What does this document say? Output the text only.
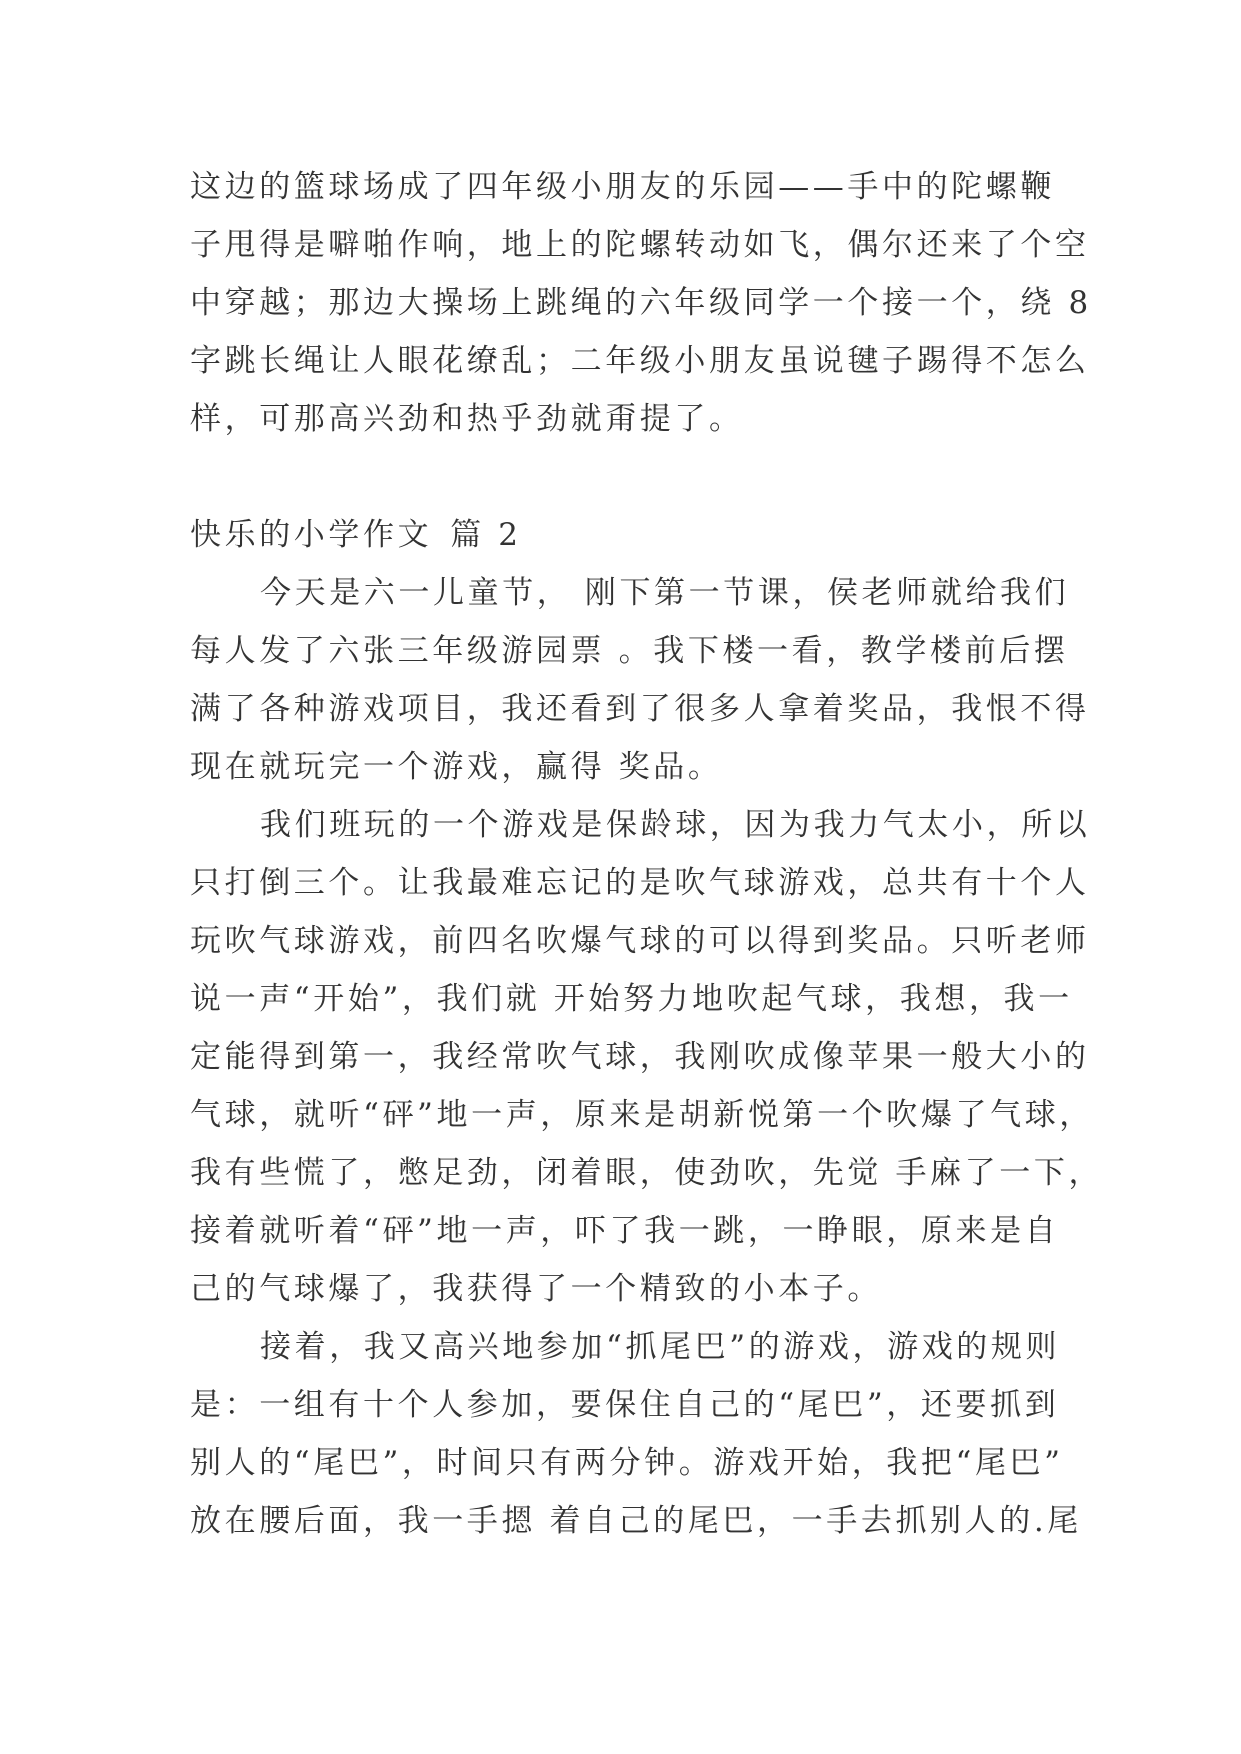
这边的篮球场成了四年级小朋友的乐园——手中的陀螺鞭
子甩得是噼啪作响，地上的陀螺转动如飞，偶尔还来了个空
中穿越；那边大操场上跳绳的六年级同学一个接一个，绕 8
字跳长绳让人眼花缭乱；二年级小朋友虽说毽子踢得不怎么
样，可那高兴劲和热乎劲就甭提了。
快乐的小学作文 篇 2
今天是六一儿童节， 刚下第一节课，侯老师就给我们
每人发了六张三年级游园票 。我下楼一看，教学楼前后摆
满了各种游戏项目，我还看到了很多人拿着奖品，我恨不得
现在就玩完一个游戏，赢得 奖品。
我们班玩的一个游戏是保龄球，因为我力气太小，所以
只打倒三个。让我最难忘记的是吹气球游戏，总共有十个人
玩吹气球游戏，前四名吹爆气球的可以得到奖品。只听老师
说一声“开始”，我们就 开始努力地吹起气球，我想，我一
定能得到第一，我经常吹气球，我刚吹成像苹果一般大小的
气球，就听“砰”地一声，原来是胡新悦第一个吹爆了气球，
我有些慌了，憋足劲，闭着眼，使劲吹，先觉 手麻了一下，
接着就听着“砰”地一声，吓了我一跳，一睁眼，原来是自
己的气球爆了，我获得了一个精致的小本子。
接着，我又高兴地参加“抓尾巴”的游戏，游戏的规则
是：一组有十个人参加，要保住自己的“尾巴”，还要抓到
别人的“尾巴”，时间只有两分钟。游戏开始，我把“尾巴”
放在腰后面，我一手摁 着自己的尾巴，一手去抓别人的.尾
